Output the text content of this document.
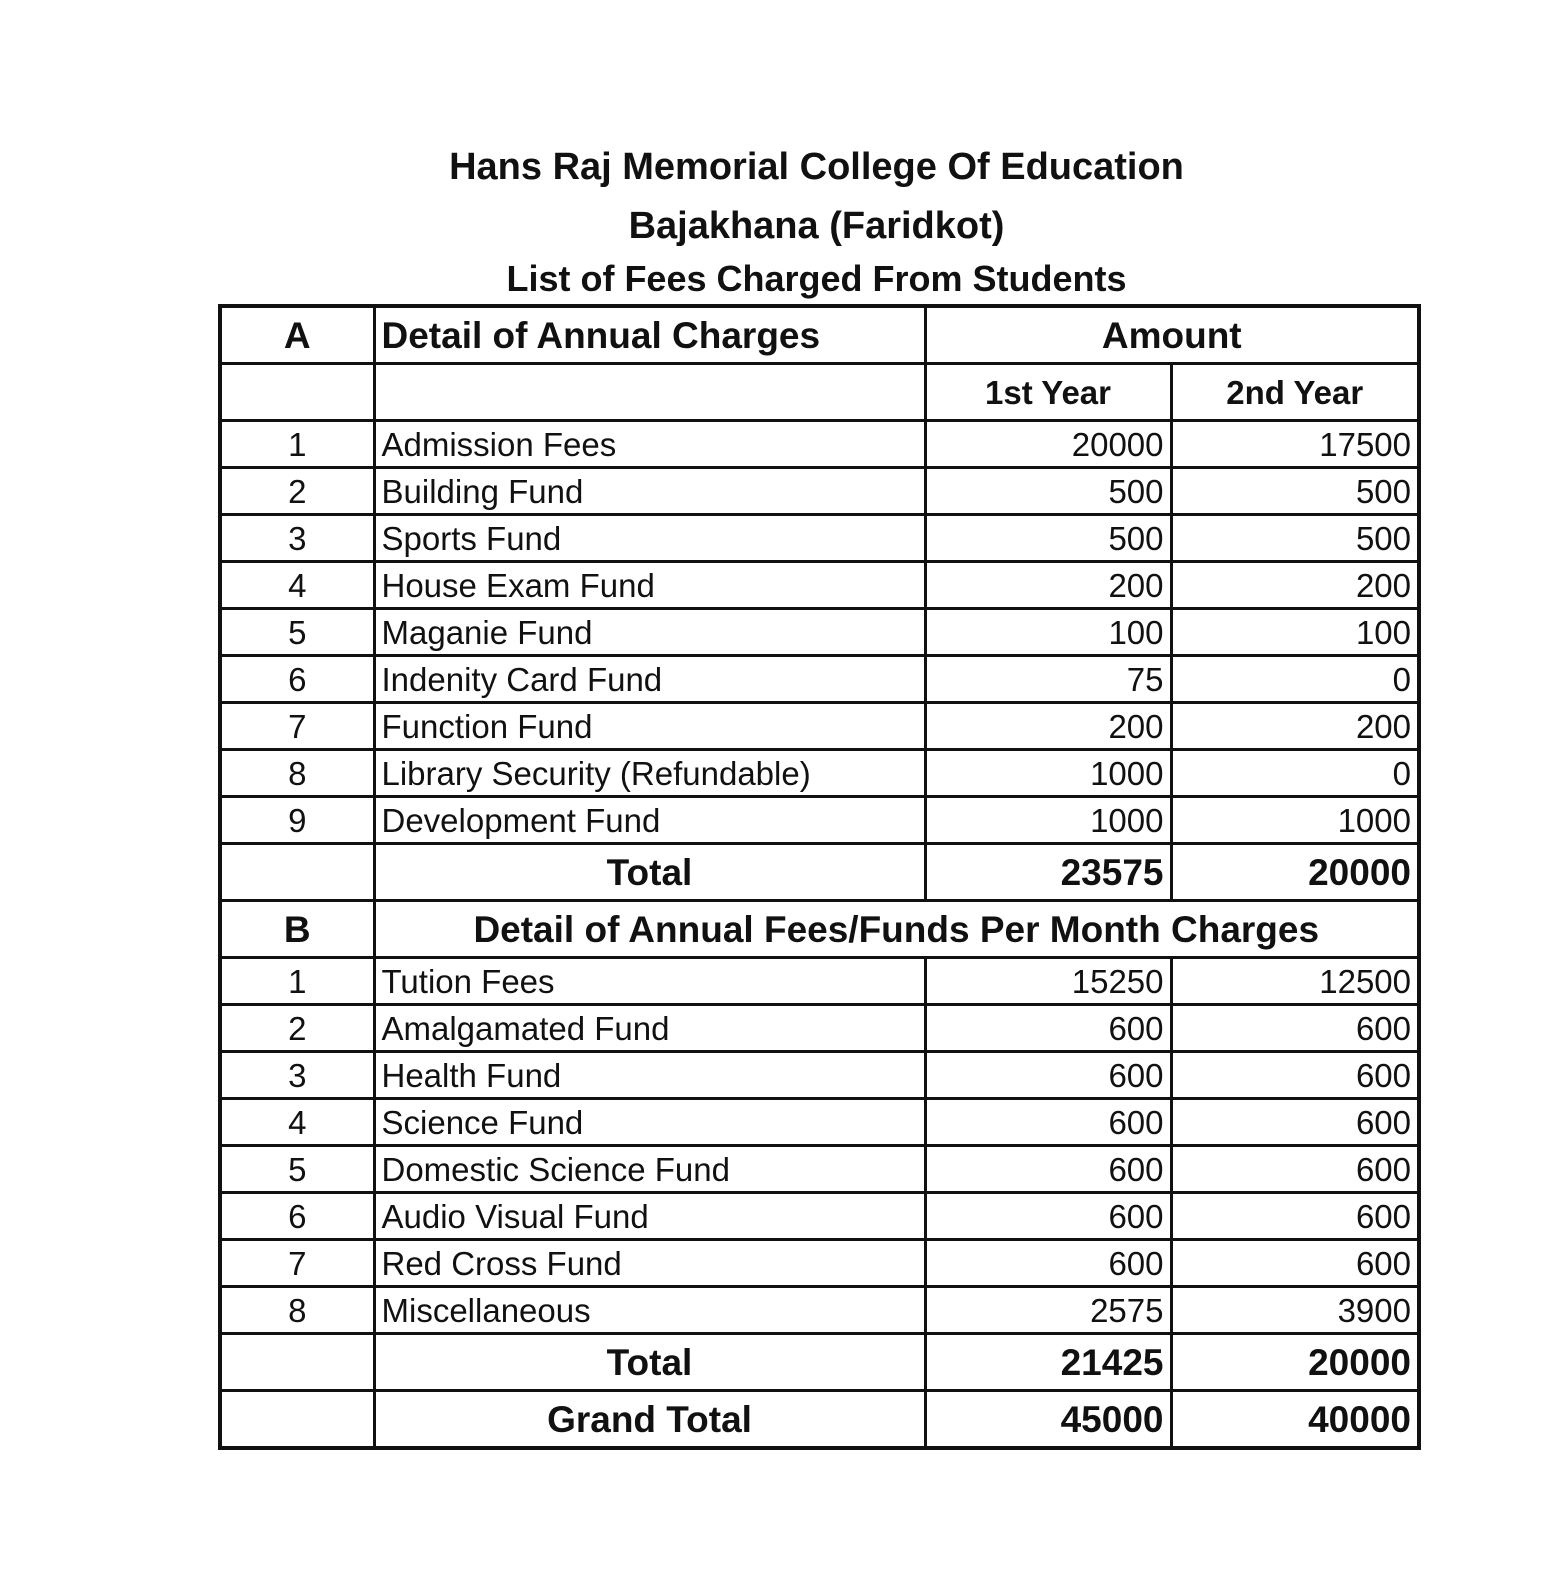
Hans Raj Memorial College Of Education
Bajakhana (Faridkot)
List of Fees Charged From Students
A	Detail of Annual Charges	Amount	
		1st Year	2nd Year
1	Admission Fees	20000	17500
2	Building Fund	500	500
3	Sports Fund	500	500
4	House Exam Fund	200	200
5	Maganie Fund	100	100
6	Indenity Card Fund	75	0
7	Function Fund	200	200
8	Library Security (Refundable)	1000	0
9	Development Fund	1000	1000
	Total	23575	20000
B	Detail of Annual Fees/Funds Per Month Charges		
1	Tution Fees	15250	12500
2	Amalgamated Fund	600	600
3	Health Fund	600	600
4	Science Fund	600	600
5	Domestic Science Fund	600	600
6	Audio Visual Fund	600	600
7	Red Cross Fund	600	600
8	Miscellaneous	2575	3900
	Total	21425	20000
	Grand Total	45000	40000
